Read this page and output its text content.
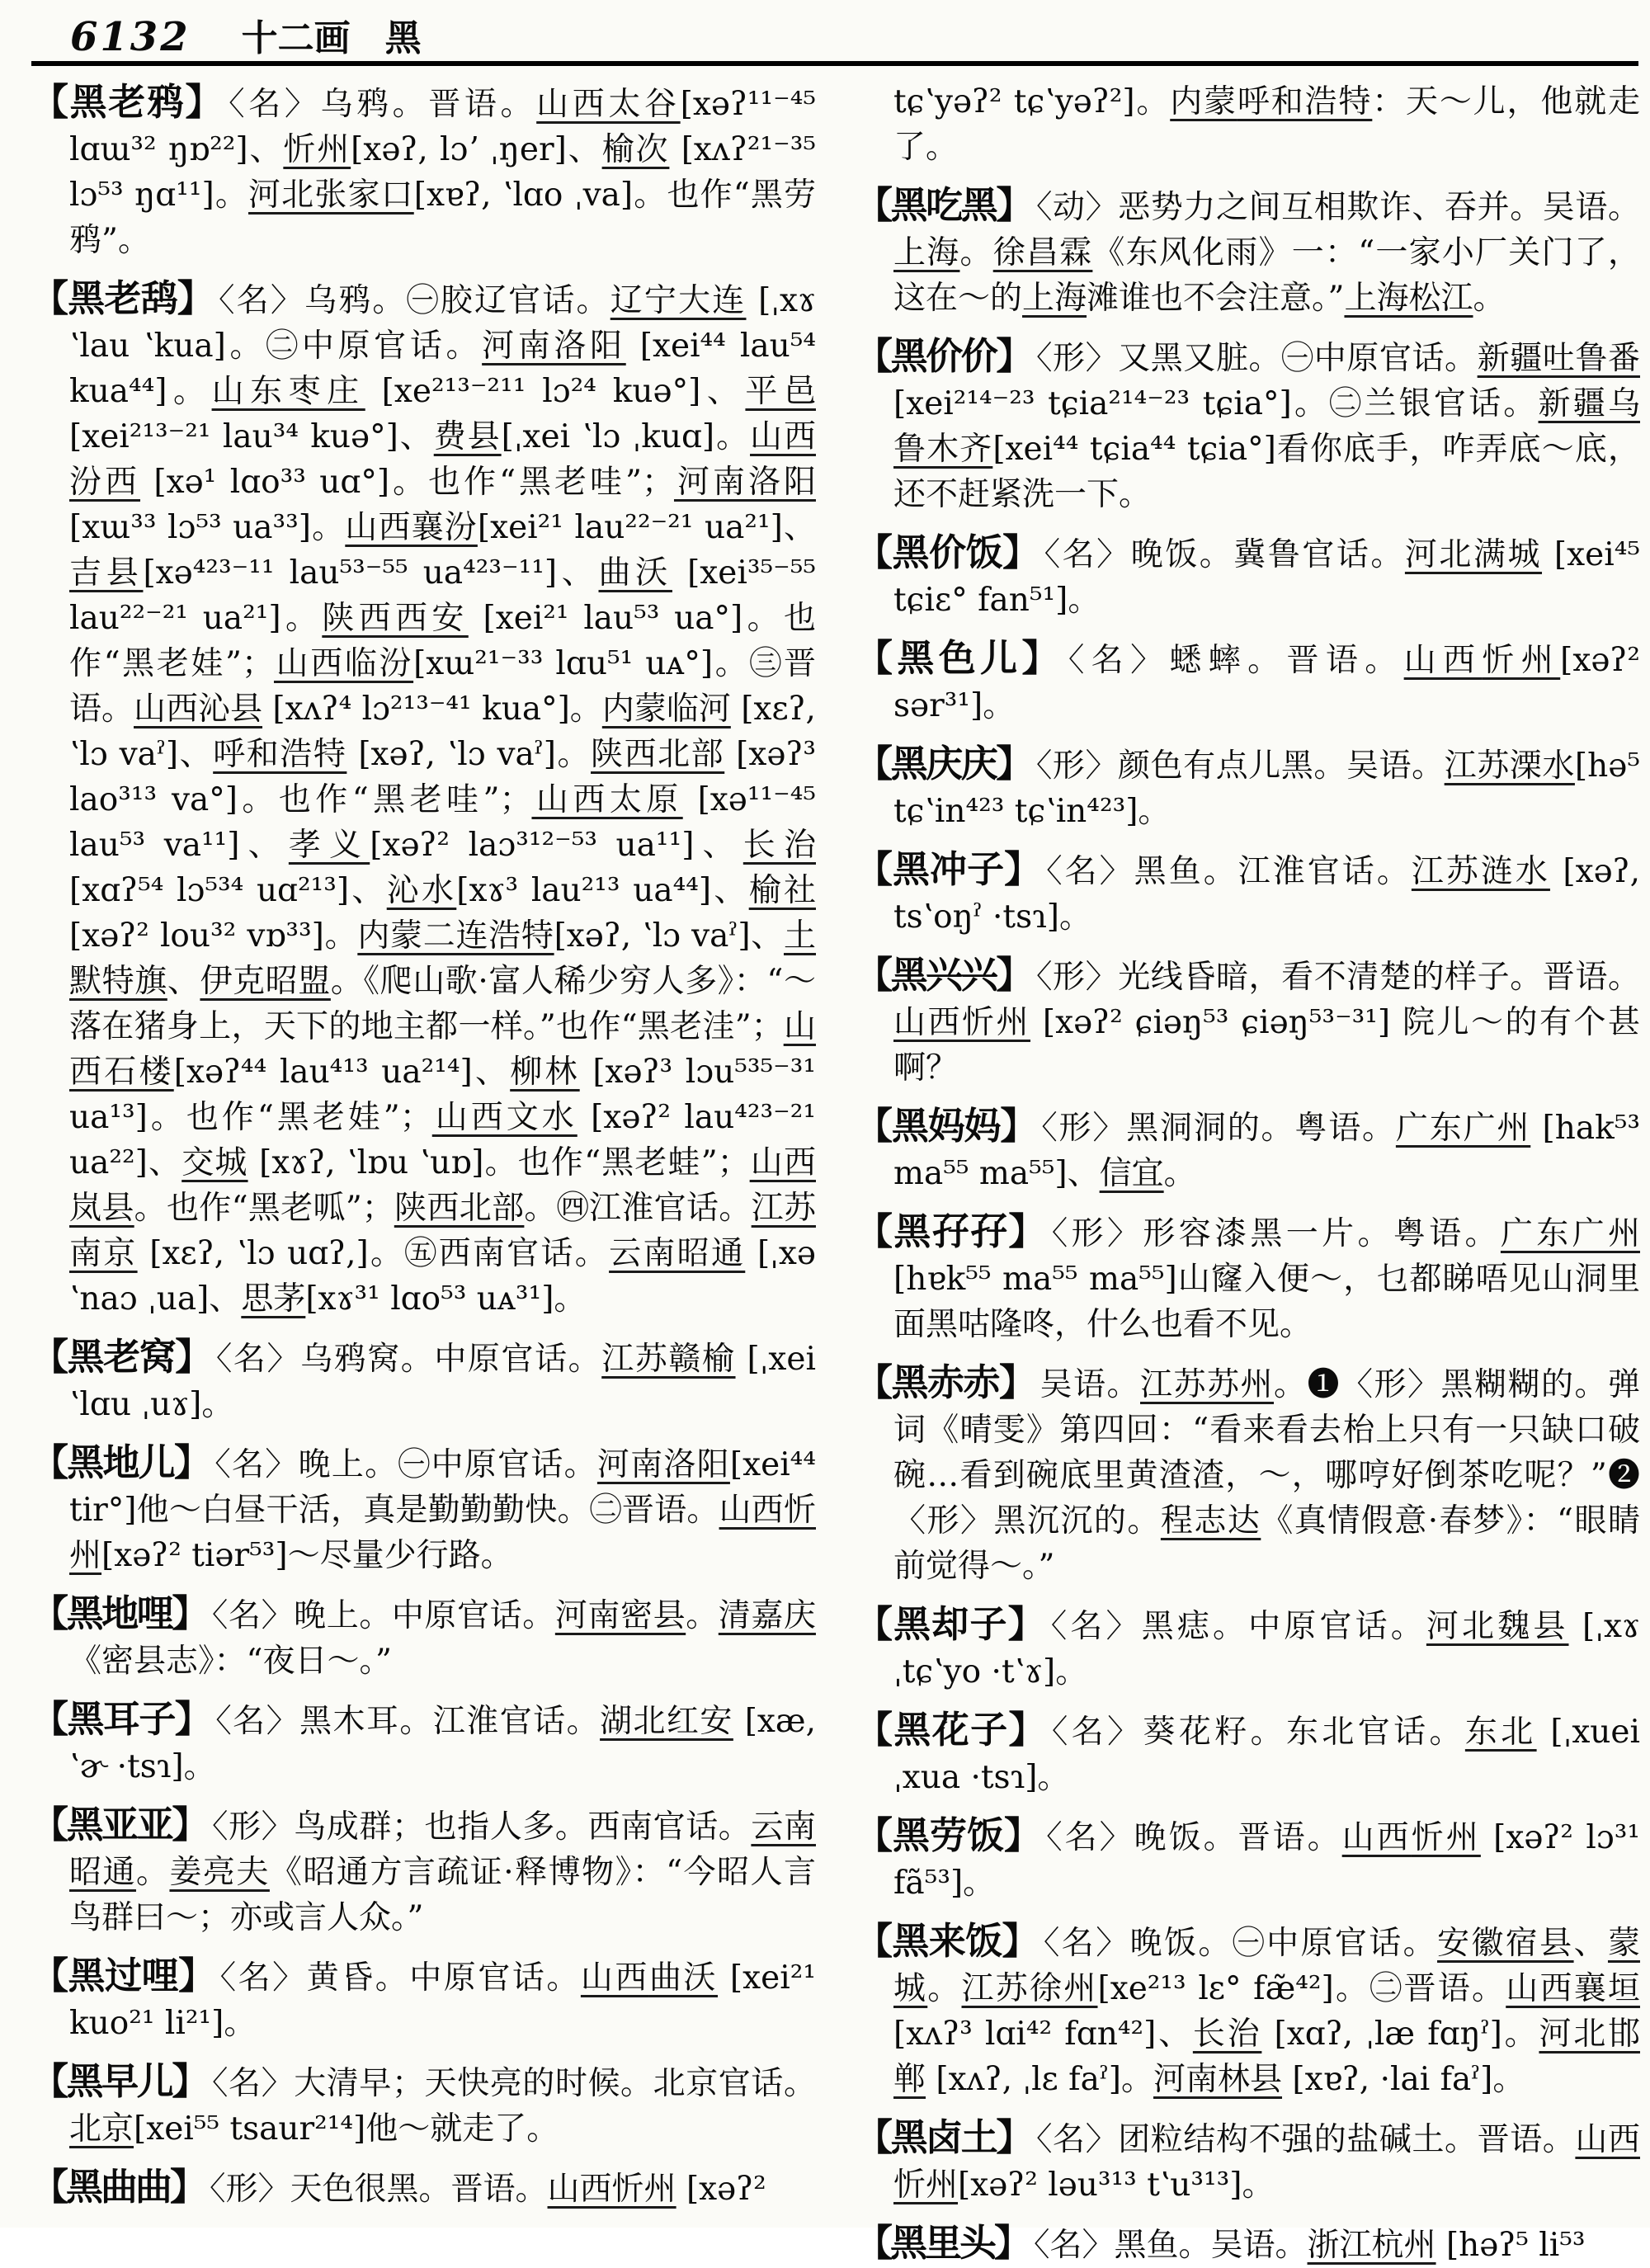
6132 十二画 黑
【黑老鸦】 〈名〉乌鸦。晋语。山西太谷[xəʔ¹¹⁻⁴⁵ lɑɯ³² ŋɒ²²]、忻州[xəʔ, lɔʼ ˌŋer]、榆次 [xʌʔ²¹⁻³⁵ lɔ⁵³ ŋɑ¹¹]。河北张家口[xɐʔ, ʽlɑo ˌva]。也作“黑劳鸦”。
【黑老鸹】 〈名〉乌鸦。㊀胶辽官话。辽宁大连 [ˌxɤ ʽlau ʽkua]。㊁中原官话。河南洛阳 [xei⁴⁴ lau⁵⁴ kua⁴⁴]。山东枣庄 [xe²¹³⁻²¹¹ lɔ²⁴ kuə°]、平邑 [xei²¹³⁻²¹ lau³⁴ kuə°]、费县[ˌxei ʽlɔ ˌkuɑ]。山西汾西 [xə¹ lɑo³³ uɑ°]。也作“黑老哇”；河南洛阳 [xɯ³³ lɔ⁵³ ua³³]。山西襄汾[xei²¹ lau²²⁻²¹ ua²¹]、吉县[xə⁴²³⁻¹¹ lau⁵³⁻⁵⁵ ua⁴²³⁻¹¹]、曲沃 [xei³⁵⁻⁵⁵ lau²²⁻²¹ ua²¹]。陕西西安 [xei²¹ lau⁵³ ua°]。也作“黑老娃”；山西临汾[xɯ²¹⁻³³ lɑu⁵¹ uᴀ°]。㊂晋语。山西沁县 [xʌʔ⁴ lɔ²¹³⁻⁴¹ kua°]。内蒙临河 [xɛʔ, ʽlɔ vaˀ]、呼和浩特 [xəʔ, ʽlɔ vaˀ]。陕西北部 [xəʔ³ lao³¹³ va°]。也作“黑老哇”；山西太原 [xə¹¹⁻⁴⁵ lau⁵³ va¹¹]、孝义[xəʔ² laɔ³¹²⁻⁵³ ua¹¹]、长治 [xɑʔ⁵⁴ lɔ⁵³⁴ uɑ²¹³]、沁水[xɤ³ lau²¹³ ua⁴⁴]、榆社[xəʔ² lou³² vɒ³³]。内蒙二连浩特[xəʔ, ʽlɔ vaˀ]、土默特旗、伊克昭盟。《爬山歌·富人稀少穷人多》：“～落在猪身上，天下的地主都一样。”也作“黑老洼”；山西石楼[xəʔ⁴⁴ lau⁴¹³ ua²¹⁴]、柳林 [xəʔ³ lɔu⁵³⁵⁻³¹ ua¹³]。也作“黑老娃”；山西文水 [xəʔ² lau⁴²³⁻²¹ ua²²]、交城 [xɤʔ, ʽlɒu ʽuɒ]。也作“黑老蛙”；山西岚县。也作“黑老呱”；陕西北部。㊃江淮官话。江苏南京 [xɛʔ, ʽlɔ uɑʔ,]。㊄西南官话。云南昭通 [ˌxə ʽnaɔ ˌua]、思茅[xɤ³¹ lɑo⁵³ uᴀ³¹]。
【黑老窝】 〈名〉乌鸦窝。中原官话。江苏赣榆 [ˌxei ʽlɑu ˌuɤ]。
【黑地儿】 〈名〉晚上。㊀中原官话。河南洛阳[xei⁴⁴ tir°]他～白昼干活，真是勤勤勤快。㊁晋语。山西忻州[xəʔ² tiər⁵³]～尽量少行路。
【黑地哩】 〈名〉晚上。中原官话。河南密县。清嘉庆《密县志》：“夜日～。”
【黑耳子】 〈名〉黑木耳。江淮官话。湖北红安 [xæ, ʽɚ ·tsɿ]。
【黑亚亚】 〈形〉鸟成群；也指人多。西南官话。云南昭通。姜亮夫《昭通方言疏证·释博物》：“今昭人言鸟群曰～；亦或言人众。”
【黑过哩】 〈名〉黄昏。中原官话。山西曲沃 [xei²¹ kuo²¹ li²¹]。
【黑早儿】 〈名〉大清早；天快亮的时候。北京官话。北京[xei⁵⁵ tsaur²¹⁴]他～就走了。
【黑曲曲】 〈形〉天色很黑。晋语。山西忻州 [xəʔ²
tɕʽyəʔ² tɕʽyəʔ²]。内蒙呼和浩特：天～儿，他就走了。
【黑吃黑】 〈动〉恶势力之间互相欺诈、吞并。吴语。上海。徐昌霖《东风化雨》一：“一家小厂关门了，这在～的上海滩谁也不会注意。”上海松江。
【黑价价】 〈形〉又黑又脏。㊀中原官话。新疆吐鲁番[xei²¹⁴⁻²³ tɕia²¹⁴⁻²³ tɕia°]。㊁兰银官话。新疆乌鲁木齐[xei⁴⁴ tɕia⁴⁴ tɕia°]看你底手，咋弄底～底，还不赶紧洗一下。
【黑价饭】 〈名〉晚饭。冀鲁官话。河北满城 [xei⁴⁵ tɕiɛ° fan⁵¹]。
【黑色儿】 〈名〉蟋蟀。晋语。山西忻州[xəʔ² sər³¹]。
【黑庆庆】 〈形〉颜色有点儿黑。吴语。江苏溧水[hə⁵ tɕʽin⁴²³ tɕʽin⁴²³]。
【黑冲子】 〈名〉黑鱼。江淮官话。江苏涟水 [xəʔ, tsʽoŋˀ ·tsɿ]。
【黑兴兴】 〈形〉光线昏暗，看不清楚的样子。晋语。山西忻州 [xəʔ² ɕiəŋ⁵³ ɕiəŋ⁵³⁻³¹] 院儿～的有个甚啊？
【黑妈妈】 〈形〉黑洞洞的。粤语。广东广州 [hak⁵³ ma⁵⁵ ma⁵⁵]、信宜。
【黑孖孖】 〈形〉形容漆黑一片。粤语。广东广州[hɐk⁵⁵ ma⁵⁵ ma⁵⁵]山窿入便～，乜都睇唔见山洞里面黑咕隆咚，什么也看不见。
【黑赤赤】 吴语。江苏苏州。❶〈形〉黑糊糊的。弹词《晴雯》第四回：“看来看去枱上只有一只缺口破碗…看到碗底里黄渣渣，～，哪哼好倒茶吃呢？”❷〈形〉黑沉沉的。程志达《真情假意·春梦》：“眼睛前觉得～。”
【黑却子】 〈名〉黑痣。中原官话。河北魏县 [ˌxɤ ˌtɕʽyo ·tʽɤ]。
【黑花子】 〈名〉葵花籽。东北官话。东北 [ˌxuei ˌxua ·tsɿ]。
【黑劳饭】 〈名〉晚饭。晋语。山西忻州 [xəʔ² lɔ³¹ fã⁵³]。
【黑来饭】 〈名〉晚饭。㊀中原官话。安徽宿县、蒙城。江苏徐州[xe²¹³ lɛ° fæ̃⁴²]。㊁晋语。山西襄垣[xʌʔ³ lɑi⁴² fɑn⁴²]、长治 [xɑʔ, ˌlæ fɑŋˀ]。河北邯郸 [xʌʔ, ˌlɛ faˀ]。河南林县 [xɐʔ, ·lai faˀ]。
【黑卤土】 〈名〉团粒结构不强的盐碱土。晋语。山西忻州[xəʔ² ləu³¹³ tʽu³¹³]。
【黑里头】 〈名〉黑鱼。吴语。浙江杭州 [həʔ⁵ li⁵³
